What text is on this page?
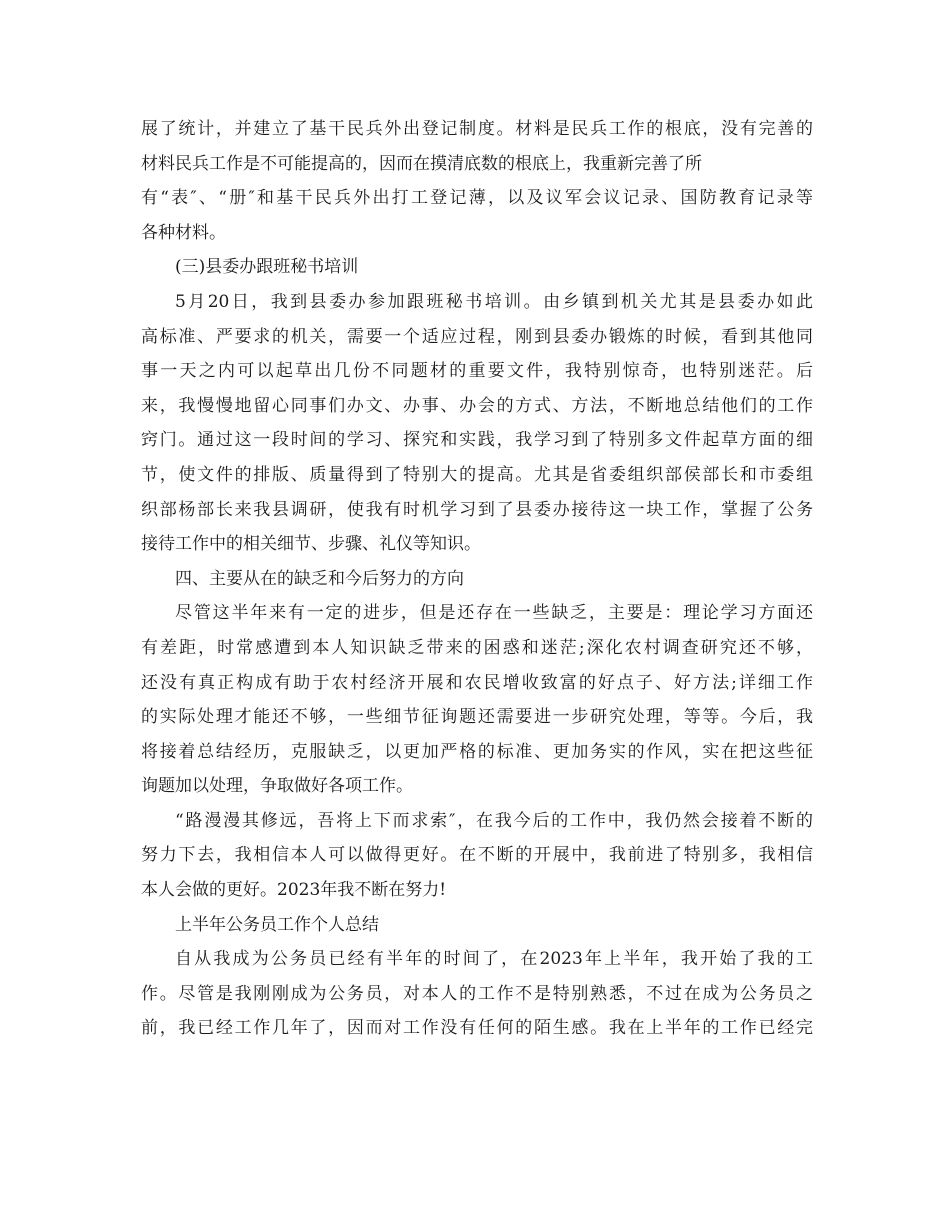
展了统计，并建立了基干民兵外出登记制度。材料是民兵工作的根底，没有完善的
材料民兵工作是不可能提高的，因而在摸清底数的根底上，我重新完善了所
有“表″、“册″和基干民兵外出打工登记薄，以及议军会议记录、国防教育记录等
各种材料。
(三)县委办跟班秘书培训
5月20日，我到县委办参加跟班秘书培训。由乡镇到机关尤其是县委办如此
高标准、严要求的机关，需要一个适应过程，刚到县委办锻炼的时候，看到其他同
事一天之内可以起草出几份不同题材的重要文件，我特别惊奇，也特别迷茫。后
来，我慢慢地留心同事们办文、办事、办会的方式、方法，不断地总结他们的工作
窍门。通过这一段时间的学习、探究和实践，我学习到了特别多文件起草方面的细
节，使文件的排版、质量得到了特别大的提高。尤其是省委组织部侯部长和市委组
织部杨部长来我县调研，使我有时机学习到了县委办接待这一块工作，掌握了公务
接待工作中的相关细节、步骤、礼仪等知识。
四、主要从在的缺乏和今后努力的方向
尽管这半年来有一定的进步，但是还存在一些缺乏，主要是：理论学习方面还
有差距，时常感遭到本人知识缺乏带来的困惑和迷茫;深化农村调查研究还不够，
还没有真正构成有助于农村经济开展和农民增收致富的好点子、好方法;详细工作
的实际处理才能还不够，一些细节征询题还需要进一步研究处理，等等。今后，我
将接着总结经历，克服缺乏，以更加严格的标准、更加务实的作风，实在把这些征
询题加以处理，争取做好各项工作。
“路漫漫其修远，吾将上下而求索″，在我今后的工作中，我仍然会接着不断的
努力下去，我相信本人可以做得更好。在不断的开展中，我前进了特别多，我相信
本人会做的更好。2023年我不断在努力!
上半年公务员工作个人总结
自从我成为公务员已经有半年的时间了，在2023年上半年，我开始了我的工
作。尽管是我刚刚成为公务员，对本人的工作不是特别熟悉，不过在成为公务员之
前，我已经工作几年了，因而对工作没有任何的陌生感。我在上半年的工作已经完
